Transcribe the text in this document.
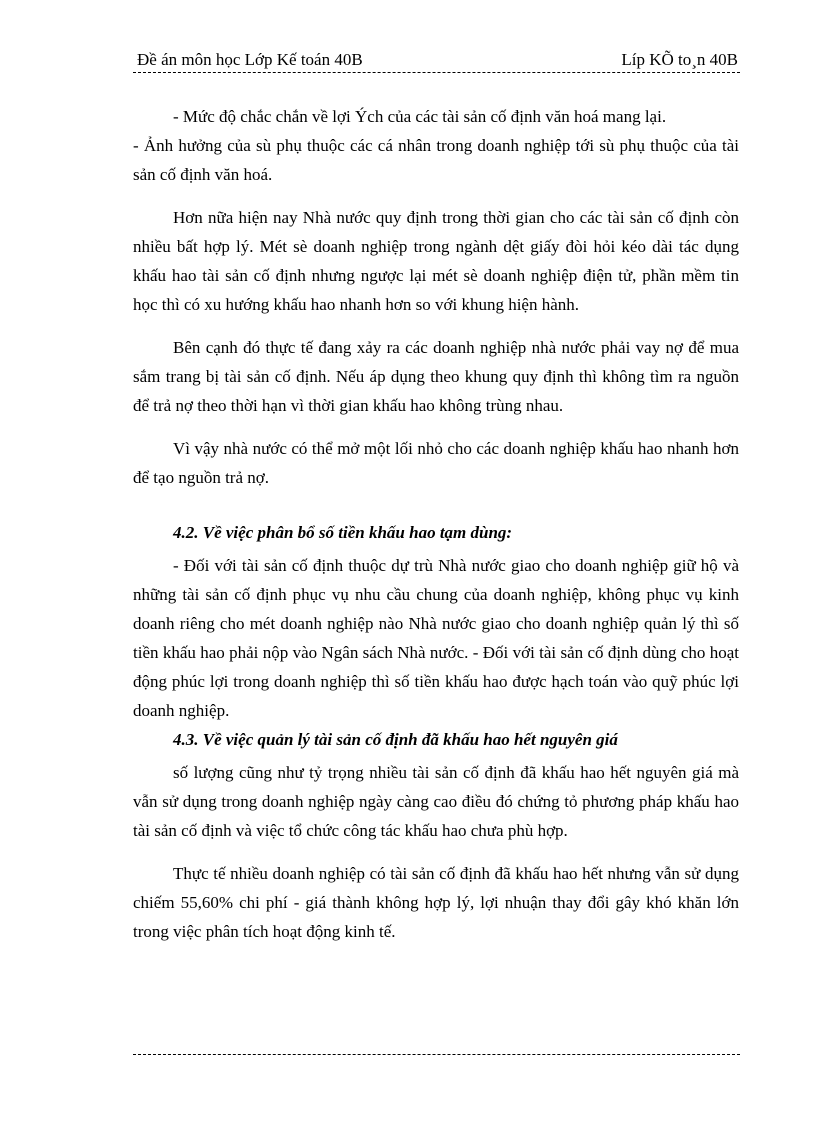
Đề án môn học Lớp Kế toán 40B	Líp KÕ to¸n 40B

- Mức độ chắc chắn về lợi Ých của các tài sản cố định văn hoá mang lại.

- Ảnh hưởng của sù phụ thuộc các cá nhân trong doanh nghiệp tới sù phụ thuộc của tài sản cố định văn hoá.

Hơn nữa hiện nay Nhà nước quy định trong thời gian cho các tài sản cố định còn nhiều bất hợp lý. Mét sè doanh nghiệp trong ngành dệt giấy đòi hỏi kéo dài tác dụng khấu hao tài sản cố định nhưng ngược lại mét sè doanh nghiệp điện tử, phần mềm tin học thì có xu hướng khấu hao nhanh hơn so với khung hiện hành.

Bên cạnh đó thực tế đang xảy ra các doanh nghiệp nhà nước phải vay nợ để mua sắm trang bị tài sản cố định. Nếu áp dụng theo khung quy định thì không tìm ra nguồn để trả nợ theo thời hạn vì thời gian khấu hao không trùng nhau.

Vì vậy nhà nước có thể mở một lối nhỏ cho các doanh nghiệp khấu hao nhanh hơn để tạo nguồn trả nợ.

4.2. Về việc phân bổ số tiền khấu hao tạm dùng:

- Đối với tài sản cố định thuộc dự trù Nhà nước giao cho doanh nghiệp giữ hộ và những tài sản cố định phục vụ nhu cầu chung của doanh nghiệp, không phục vụ kinh doanh riêng cho mét doanh nghiệp nào Nhà nước giao cho doanh nghiệp quản lý thì số tiền khấu hao phải nộp vào Ngân sách Nhà nước. - Đối với tài sản cố định dùng cho hoạt động phúc lợi trong doanh nghiệp thì số tiền khấu hao được hạch toán vào quỹ phúc lợi doanh nghiệp.

4.3. Về việc quản lý tài sản cố định đã khấu hao hết nguyên giá

số lượng cũng như tỷ trọng nhiều tài sản cố định đã khấu hao hết nguyên giá mà vẫn sử dụng trong doanh nghiệp ngày càng cao điều đó chứng tỏ phương pháp khấu hao tài sản cố định và việc tổ chức công tác khấu hao chưa phù hợp.

Thực tế nhiều doanh nghiệp có tài sản cố định đã khấu hao hết nhưng vẫn sử dụng chiếm 55,60% chi phí - giá thành không hợp lý, lợi nhuận thay đổi gây khó khăn lớn trong việc phân tích hoạt động kinh tế.
